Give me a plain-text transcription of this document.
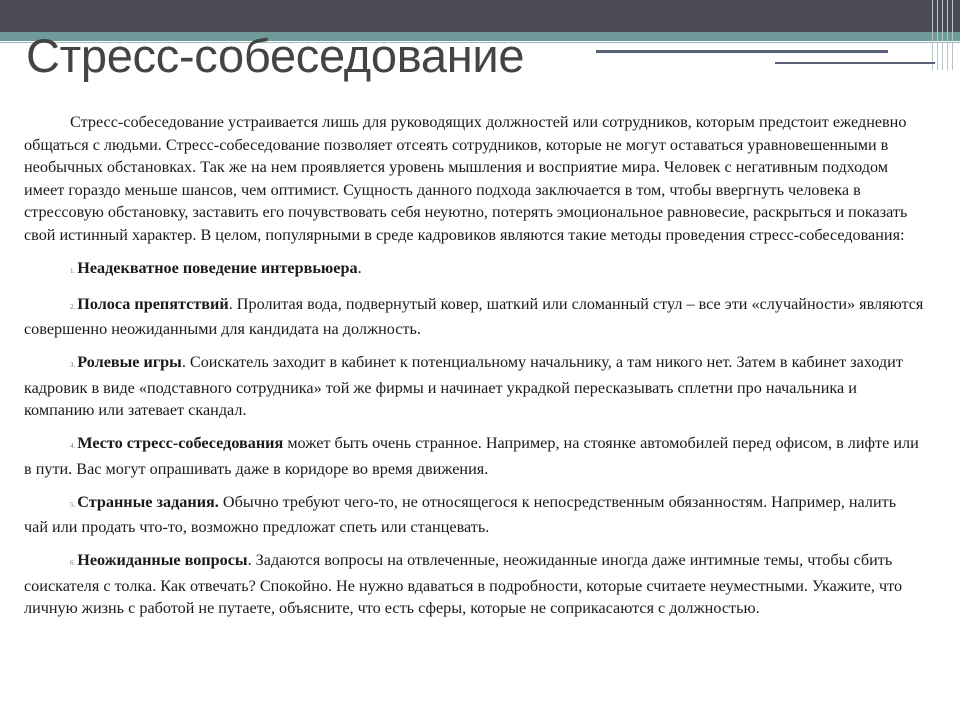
Стресс-собеседование

Стресс-собеседование устраивается лишь для руководящих должностей или сотрудников, которым предстоит ежедневно общаться с людьми. Стресс-собеседование позволяет отсеять сотрудников, которые не могут оставаться уравновешенными в необычных обстановках. Так же на нем проявляется уровень мышления и восприятие мира. Человек с негативным подходом имеет гораздо меньше шансов, чем оптимист. Сущность данного подхода заключается в том, чтобы ввергнуть человека в стрессовую обстановку, заставить его почувствовать себя неуютно, потерять эмоциональное равновесие, раскрыться и показать свой истинный характер. В целом, популярными в среде кадровиков являются такие методы проведения стресс-собеседования:

1. Неадекватное поведение интервьюера.
2. Полоса препятствий. Пролитая вода, подвернутый ковер, шаткий или сломанный стул – все эти «случайности» являются совершенно неожиданными для кандидата на должность.
3. Ролевые игры. Соискатель заходит в кабинет к потенциальному начальнику, а там никого нет. Затем в кабинет заходит кадровик в виде «подставного сотрудника» той же фирмы и начинает украдкой пересказывать сплетни про начальника и компанию или затевает скандал.
4. Место стресс-собеседования может быть очень странное. Например, на стоянке автомобилей перед офисом, в лифте или в пути. Вас могут опрашивать даже в коридоре во время движения.
5. Странные задания. Обычно требуют чего-то, не относящегося к непосредственным обязанностям. Например, налить чай или продать что-то, возможно предложат спеть или станцевать.
6. Неожиданные вопросы. Задаются вопросы на отвлеченные, неожиданные иногда даже интимные темы, чтобы сбить соискателя с толка. Как отвечать? Спокойно. Не нужно вдаваться в подробности, которые считаете неуместными. Укажите, что личную жизнь с работой не путаете, объясните, что есть сферы, которые не соприкасаются с должностью.
